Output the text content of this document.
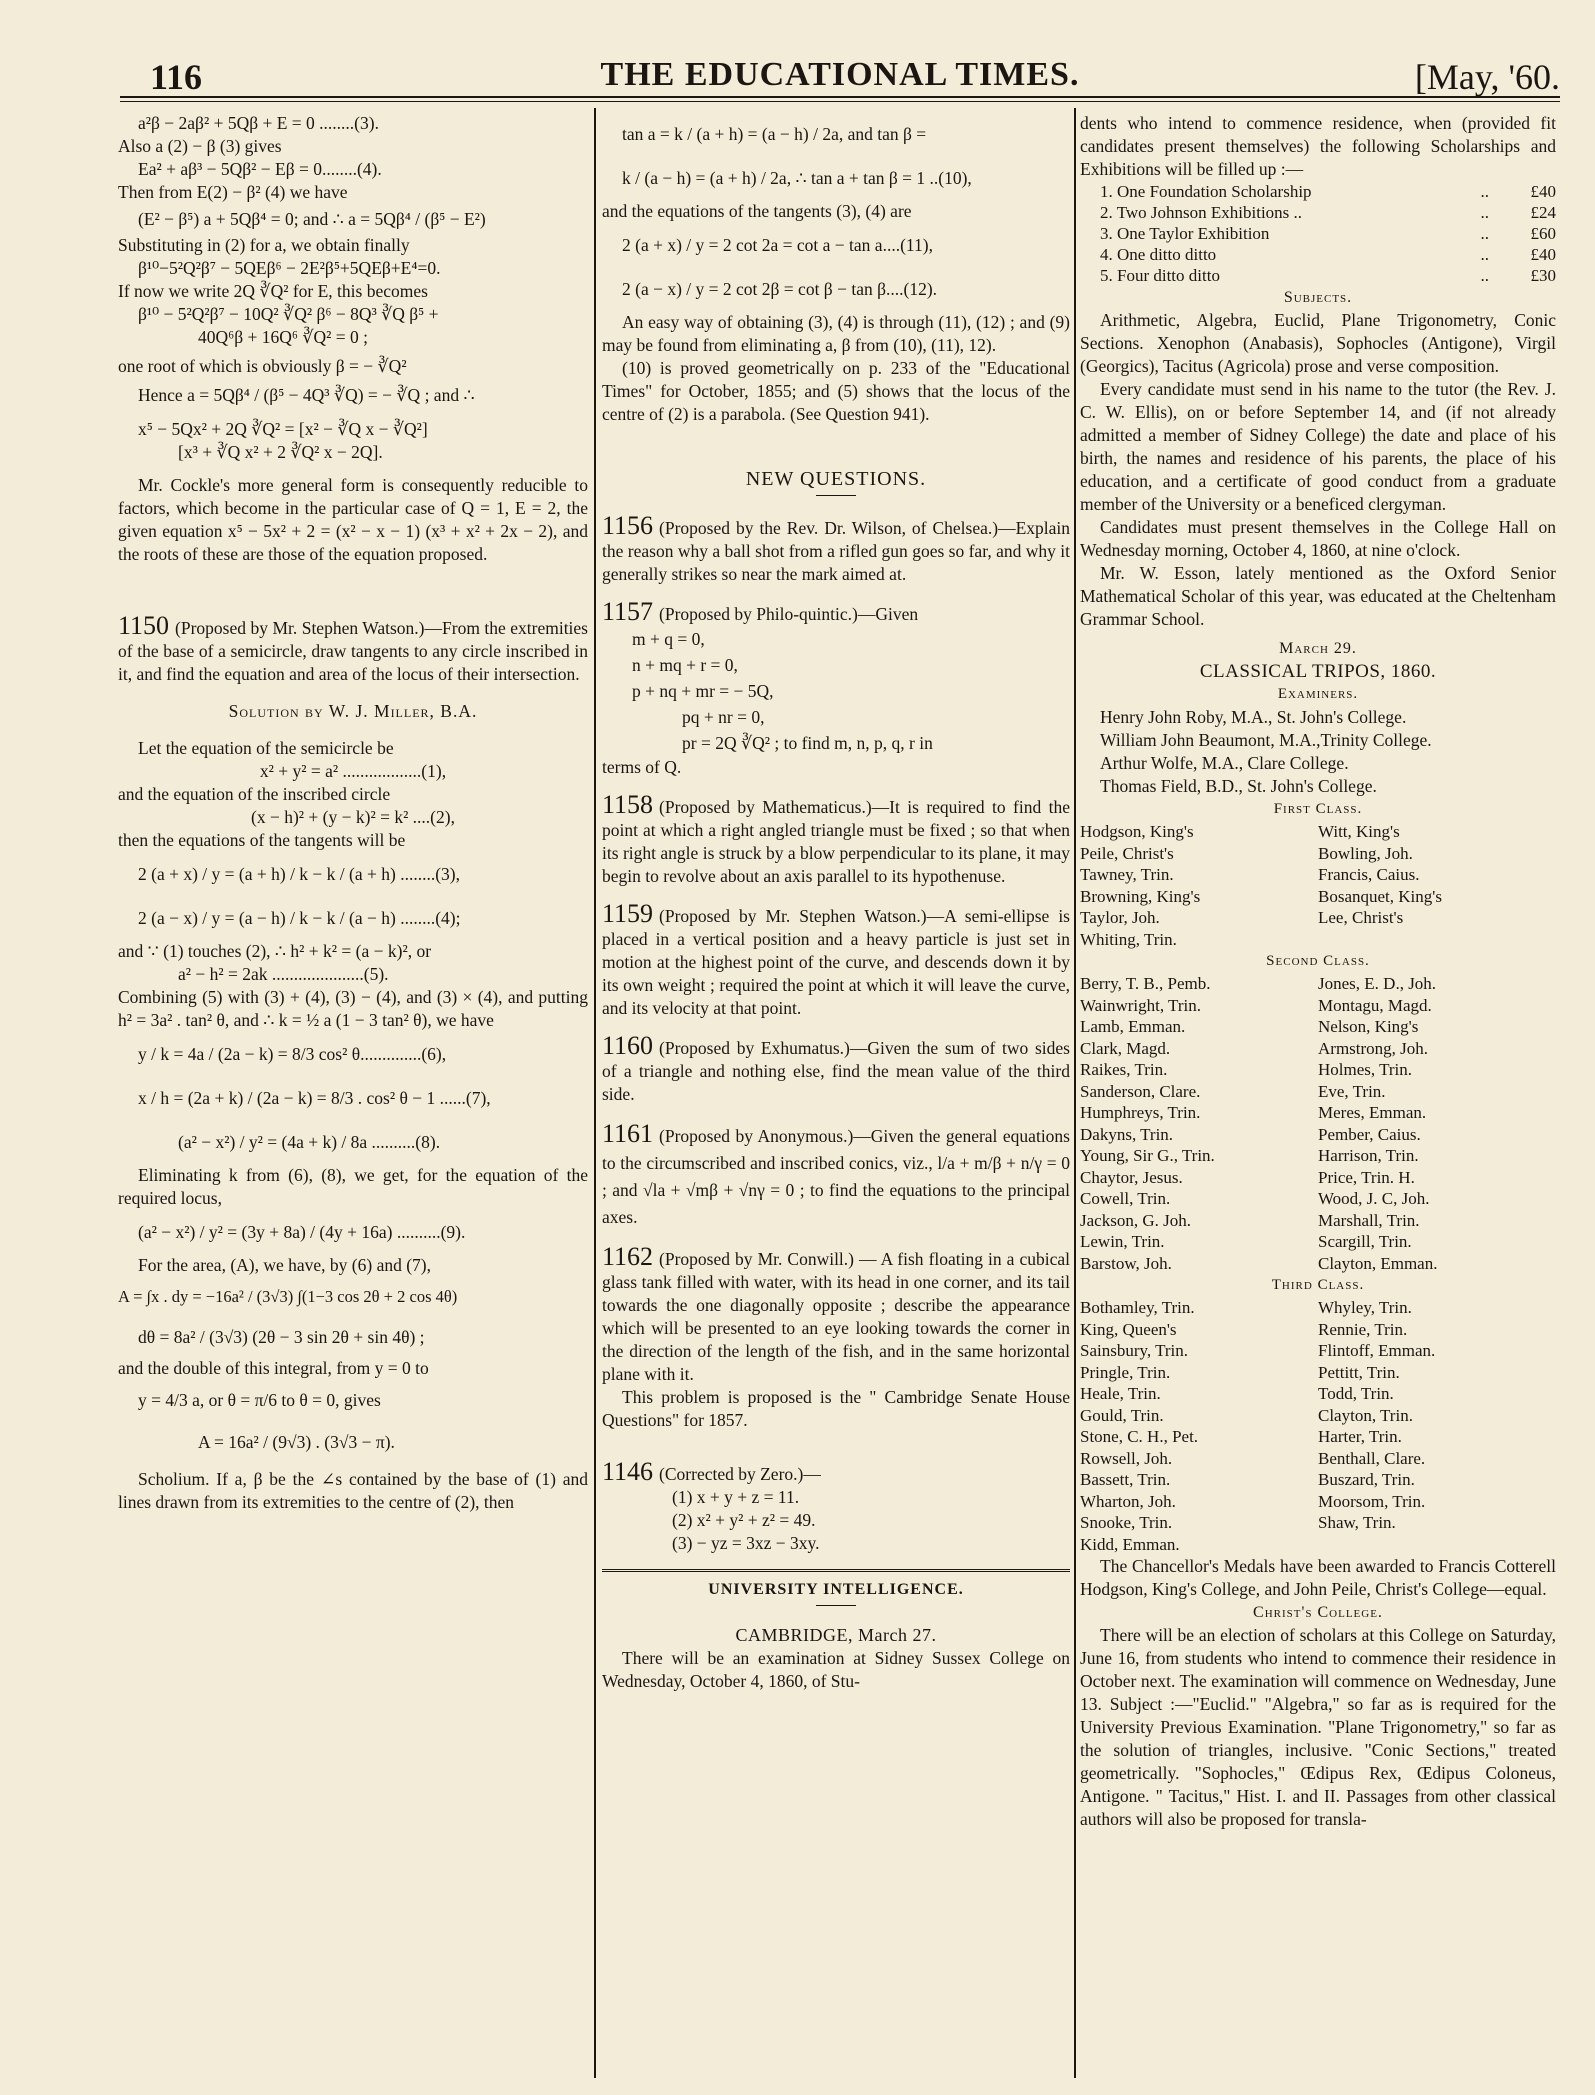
116	THE EDUCATIONAL TIMES.	[May, '60.

a²β − 2aβ² + 5Qβ + E = 0 ........(3).

Also a (2) − β (3) gives

Ea² + aβ³ − 5Qβ² − Eβ = 0........(4).

Then from E(2) − β² (4) we have

(E² − β⁵) a + 5Qβ⁴ = 0; and ∴ a = 5Qβ⁴ / (β⁵ − E²)

Substituting in (2) for a, we obtain finally

β¹⁰−5²Q²β⁷ − 5QEβ⁶ − 2E²β⁵+5QEβ+E⁴=0.

If now we write 2Q ∛Q² for E, this becomes

β¹⁰ − 5²Q²β⁷ − 10Q² ∛Q² β⁶ − 8Q³ ∛Q β⁵ +

40Q⁶β + 16Q⁶ ∛Q² = 0 ;

one root of which is obviously β = − ∛Q²

Hence a = 5Qβ⁴ / (β⁵ − 4Q³ ∛Q) = − ∛Q ; and ∴

x⁵ − 5Qx² + 2Q ∛Q² = [x² − ∛Q x − ∛Q²]

[x³ + ∛Q x² + 2 ∛Q² x − 2Q].

Mr. Cockle's more general form is consequently reducible to factors, which become in the particular case of Q = 1, E = 2, the given equation x⁵ − 5x² + 2 = (x² − x − 1) (x³ + x² + 2x − 2), and the roots of these are those of the equation proposed.

1150 (Proposed by Mr. Stephen Watson.)—From the extremities of the base of a semicircle, draw tangents to any circle inscribed in it, and find the equation and area of the locus of their intersection.

Solution by W. J. Miller, B.A.

Let the equation of the semicircle be

x² + y² = a² ..................(1),

and the equation of the inscribed circle

(x − h)² + (y − k)² = k² ....(2),

then the equations of the tangents will be

2 (a + x) / y = (a + h) / k − k / (a + h) ........(3),

2 (a − x) / y = (a − h) / k − k / (a − h) ........(4);

and ∵ (1) touches (2), ∴ h² + k² = (a − k)², or

a² − h² = 2ak .....................(5).

Combining (5) with (3) + (4), (3) − (4), and (3) × (4), and putting h² = 3a² . tan² θ, and ∴ k = ½ a (1 − 3 tan² θ), we have

y / k = 4a / (2a − k) = 8/3 cos² θ..............(6),

x / h = (2a + k) / (2a − k) = 8/3 . cos² θ − 1 ......(7),

(a² − x²) / y² = (4a + k) / 8a ..........(8).

Eliminating k from (6), (8), we get, for the equation of the required locus,

(a² − x²) / y² = (3y + 8a) / (4y + 16a) ..........(9).

For the area, (A), we have, by (6) and (7),

A = ∫x . dy = −16a² / (3√3) ∫(1−3 cos 2θ + 2 cos 4θ)

dθ = 8a² / (3√3) (2θ − 3 sin 2θ + sin 4θ) ;

and the double of this integral, from y = 0 to

y = 4/3 a, or θ = π/6 to θ = 0, gives

A = 16a² / (9√3) . (3√3 − π).

Scholium. If a, β be the ∠s contained by the base of (1) and lines drawn from its extremities to the centre of (2), then

tan a = k / (a + h) = (a − h) / 2a, and tan β =

k / (a − h) = (a + h) / 2a, ∴ tan a + tan β = 1 ..(10),

and the equations of the tangents (3), (4) are

2 (a + x) / y = 2 cot 2a = cot a − tan a....(11),

2 (a − x) / y = 2 cot 2β = cot β − tan β....(12).

An easy way of obtaining (3), (4) is through (11), (12) ; and (9) may be found from eliminating a, β from (10), (11), 12).

(10) is proved geometrically on p. 233 of the "Educational Times" for October, 1855; and (5) shows that the locus of the centre of (2) is a parabola. (See Question 941).

NEW QUESTIONS.

1156 (Proposed by the Rev. Dr. Wilson, of Chelsea.)—Explain the reason why a ball shot from a rifled gun goes so far, and why it generally strikes so near the mark aimed at.

1157 (Proposed by Philo-quintic.)—Given

m + q = 0,

n + mq + r = 0,

p + nq + mr = − 5Q,

pq + nr = 0,

pr = 2Q ∛Q² ; to find m, n, p, q, r in

terms of Q.

1158 (Proposed by Mathematicus.)—It is required to find the point at which a right angled triangle must be fixed ; so that when its right angle is struck by a blow perpendicular to its plane, it may begin to revolve about an axis parallel to its hypothenuse.

1159 (Proposed by Mr. Stephen Watson.)—A semi-ellipse is placed in a vertical position and a heavy particle is just set in motion at the highest point of the curve, and descends down it by its own weight ; required the point at which it will leave the curve, and its velocity at that point.

1160 (Proposed by Exhumatus.)—Given the sum of two sides of a triangle and nothing else, find the mean value of the third side.

1161 (Proposed by Anonymous.)—Given the general equations to the circumscribed and inscribed conics, viz., l/a + m/β + n/γ = 0 ; and √la + √mβ + √nγ = 0 ; to find the equations to the principal axes.

1162 (Proposed by Mr. Conwill.) — A fish floating in a cubical glass tank filled with water, with its head in one corner, and its tail towards the one diagonally opposite ; describe the appearance which will be presented to an eye looking towards the corner in the direction of the length of the fish, and in the same horizontal plane with it.

This problem is proposed is the " Cambridge Senate House Questions" for 1857.

1146 (Corrected by Zero.)—

(1) x + y + z = 11.

(2) x² + y² + z² = 49.

(3) − yz = 3xz − 3xy.

UNIVERSITY INTELLIGENCE.

CAMBRIDGE, March 27.

There will be an examination at Sidney Sussex College on Wednesday, October 4, 1860, of Stu-

dents who intend to commence residence, when (provided fit candidates present themselves) the following Scholarships and Exhibitions will be filled up :—

1. One Foundation Scholarship	..	£40
2. Two Johnson Exhibitions ..	..	£24
3. One Taylor Exhibition	..	£60
4. One ditto ditto	..	£40
5. Four ditto ditto	..	£30

Subjects.

Arithmetic, Algebra, Euclid, Plane Trigonometry, Conic Sections. Xenophon (Anabasis), Sophocles (Antigone), Virgil (Georgics), Tacitus (Agricola) prose and verse composition.

Every candidate must send in his name to the tutor (the Rev. J. C. W. Ellis), on or before September 14, and (if not already admitted a member of Sidney College) the date and place of his birth, the names and residence of his parents, the place of his education, and a certificate of good conduct from a graduate member of the University or a beneficed clergyman.

Candidates must present themselves in the College Hall on Wednesday morning, October 4, 1860, at nine o'clock.

Mr. W. Esson, lately mentioned as the Oxford Senior Mathematical Scholar of this year, was educated at the Cheltenham Grammar School.

March 29.

CLASSICAL TRIPOS, 1860.

Examiners.

Henry John Roby, M.A., St. John's College.

William John Beaumont, M.A.,Trinity College.

Arthur Wolfe, M.A., Clare College.

Thomas Field, B.D., St. John's College.

First Class.

Hodgson, King's	Witt, King's
Peile, Christ's	Bowling, Joh.
Tawney, Trin.	Francis, Caius.
Browning, King's	Bosanquet, King's
Taylor, Joh.	Lee, Christ's
Whiting, Trin.	

Second Class.

Berry, T. B., Pemb.	Jones, E. D., Joh.
Wainwright, Trin.	Montagu, Magd.
Lamb, Emman.	Nelson, King's
Clark, Magd.	Armstrong, Joh.
Raikes, Trin.	Holmes, Trin.
Sanderson, Clare.	Eve, Trin.
Humphreys, Trin.	Meres, Emman.
Dakyns, Trin.	Pember, Caius.
Young, Sir G., Trin.	Harrison, Trin.
Chaytor, Jesus.	Price, Trin. H.
Cowell, Trin.	Wood, J. C, Joh.
Jackson, G. Joh.	Marshall, Trin.
Lewin, Trin.	Scargill, Trin.
Barstow, Joh.	Clayton, Emman.

Third Class.

Bothamley, Trin.	Whyley, Trin.
King, Queen's	Rennie, Trin.
Sainsbury, Trin.	Flintoff, Emman.
Pringle, Trin.	Pettitt, Trin.
Heale, Trin.	Todd, Trin.
Gould, Trin.	Clayton, Trin.
Stone, C. H., Pet.	Harter, Trin.
Rowsell, Joh.	Benthall, Clare.
Bassett, Trin.	Buszard, Trin.
Wharton, Joh.	Moorsom, Trin.
Snooke, Trin.	Shaw, Trin.
Kidd, Emman.	

The Chancellor's Medals have been awarded to Francis Cotterell Hodgson, King's College, and John Peile, Christ's College—equal.

Christ's College.

There will be an election of scholars at this College on Saturday, June 16, from students who intend to commence their residence in October next. The examination will commence on Wednesday, June 13. Subject :—"Euclid." "Algebra," so far as is required for the University Previous Examination. "Plane Trigonometry," so far as the solution of triangles, inclusive. "Conic Sections," treated geometrically. "Sophocles," Œdipus Rex, Œdipus Coloneus, Antigone. " Tacitus," Hist. I. and II. Passages from other classical authors will also be proposed for transla-
